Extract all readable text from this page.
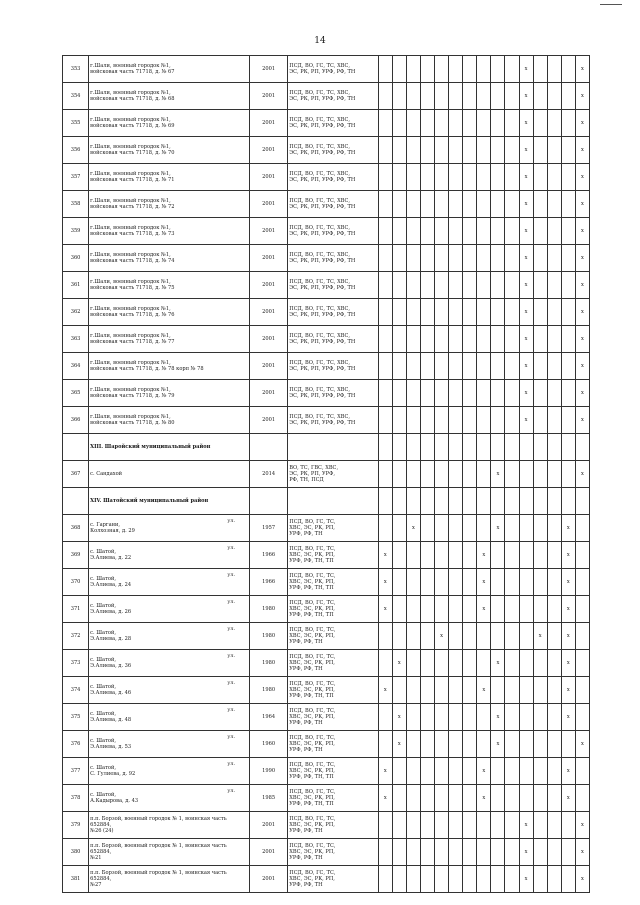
14
353	г.Шали, военный городок №1,
войсковая часть 71718, д. № 67	2001	ПСД, ВО, ГС, ТС, ХВС,
ЭС, РК, РП, УРФ, РФ, ТН											x				x
354	г.Шали, военный городок №1,
войсковая часть 71718, д. № 68	2001	ПСД, ВО, ГС, ТС, ХВС,
ЭС, РК, РП, УРФ, РФ, ТН											x				x
355	г.Шали, военный городок №1,
войсковая часть 71718, д. № 69	2001	ПСД, ВО, ГС, ТС, ХВС,
ЭС, РК, РП, УРФ, РФ, ТН											x				x
356	г.Шали, военный городок №1,
войсковая часть 71718, д. № 70	2001	ПСД, ВО, ГС, ТС, ХВС,
ЭС, РК, РП, УРФ, РФ, ТН											x				x
357	г.Шали, военный городок №1,
войсковая часть 71718, д. № 71	2001	ПСД, ВО, ГС, ТС, ХВС,
ЭС, РК, РП, УРФ, РФ, ТН											x				x
358	г.Шали, военный городок №1,
войсковая часть 71718, д. № 72	2001	ПСД, ВО, ГС, ТС, ХВС,
ЭС, РК, РП, УРФ, РФ, ТН											x				x
359	г.Шали, военный городок №1,
войсковая часть 71718, д. № 73	2001	ПСД, ВО, ГС, ТС, ХВС,
ЭС, РК, РП, УРФ, РФ, ТН											x				x
360	г.Шали, военный городок №1,
войсковая часть 71718, д. № 74	2001	ПСД, ВО, ГС, ТС, ХВС,
ЭС, РК, РП, УРФ, РФ, ТН											x				x
361	г.Шали, военный городок №1,
войсковая часть 71718, д. № 75	2001	ПСД, ВО, ГС, ТС, ХВС,
ЭС, РК, РП, УРФ, РФ, ТН											x				x
362	г.Шали, военный городок №1,
войсковая часть 71718, д. № 76	2001	ПСД, ВО, ГС, ТС, ХВС,
ЭС, РК, РП, УРФ, РФ, ТН											x				x
363	г.Шали, военный городок №1,
войсковая часть 71718, д. № 77	2001	ПСД, ВО, ГС, ТС, ХВС,
ЭС, РК, РП, УРФ, РФ, ТН											x				x
364	г.Шали, военный городок №1,
войсковая часть 71718, д. № 78 корп № 78	2001	ПСД, ВО, ГС, ТС, ХВС,
ЭС, РК, РП, УРФ, РФ, ТН											x				x
365	г.Шали, военный городок №1,
войсковая часть 71718, д. № 79	2001	ПСД, ВО, ГС, ТС, ХВС,
ЭС, РК, РП, УРФ, РФ, ТН											x				x
366	г.Шали, военный городок №1,
войсковая часть 71718, д. № 80	2001	ПСД, ВО, ГС, ТС, ХВС,
ЭС, РК, РП, УРФ, РФ, ТН											x				x
	XIII. Шаройский муниципальный район																	
367	с. Сандахой	2014	ВО, ТС, ГВС, ХВС,
ЭС, РК, РП, УРФ,
РФ, ТН, ПСД									x						x
	XIV. Шатойский муниципальный район																	
368	с. Гаргани,
Колхозная, д. 29
ул.	1957	ПСД, ВО, ГС, ТС,
ХВС, ЭС, РК, РП,
УРФ, РФ, ТН			x						x					x	
369	с. Шатой,
Э.Алиева, д. 22
ул.	1966	ПСД, ВО, ГС, ТС,
ХВС, ЭС, РК, РП,
УРФ, РФ, ТН, ТП	x							x						x	
370	с. Шатой,
Э.Алиева, д. 24
ул.	1966	ПСД, ВО, ГС, ТС,
ХВС, ЭС, РК, РП,
УРФ, РФ, ТН, ТП	x							x						x	
371	с. Шатой,
Э.Алиева, д. 26
ул.	1980	ПСД, ВО, ГС, ТС,
ХВС, ЭС, РК, РП,
УРФ, РФ, ТН, ТП	x							x						x	
372	с. Шатой,
Э.Алиева, д. 28
ул.	1980	ПСД, ВО, ГС, ТС,
ХВС, ЭС, РК, РП,
УРФ, РФ, ТН					x							x		x	
373	с. Шатой,
Э.Алиева, д. 36
ул.	1980	ПСД, ВО, ГС, ТС,
ХВС, ЭС, РК, РП,
УРФ, РФ, ТН		x							x					x	
374	с. Шатой,
Э.Алиева, д. 46
ул.	1980	ПСД, ВО, ГС, ТС,
ХВС, ЭС, РК, РП,
УРФ, РФ, ТН, ТП	x							x						x	
375	с. Шатой,
Э.Алиева, д. 48
ул.	1964	ПСД, ВО, ГС, ТС,
ХВС, ЭС, РК, РП,
УРФ, РФ, ТН		x							x					x	
376	с. Шатой,
Э.Алиева, д. 53
ул.	1960	ПСД, ВО, ГС, ТС,
ХВС, ЭС, РК, РП,
УРФ, РФ, ТН		x							x						x
377	с. Шатой,
С. Гулиева, д. 92
ул.	1990	ПСД, ВО, ГС, ТС,
ХВС, ЭС, РК, РП,
УРФ, РФ, ТН, ТП	x							x						x	
378	с. Шатой,
А.Кадырова, д. 43
ул.	1985	ПСД, ВО, ГС, ТС,
ХВС, ЭС, РК, РП,
УРФ, РФ, ТН, ТП	x							x						x	
379	п.п. Борзой, военный городок № 1, воинская часть 652884,
№26 (24)	2001	ПСД, ВО, ГС, ТС,
ХВС, ЭС, РК, РП,
УРФ, РФ, ТН											x				x
380	п.п. Борзой, военный городок № 1, воинская часть 652884,
№21	2001	ПСД, ВО, ГС, ТС,
ХВС, ЭС, РК, РП,
УРФ, РФ, ТН											x				x
381	п.п. Борзой, военный городок № 1, воинская часть 652884,
№27	2001	ПСД, ВО, ГС, ТС,
ХВС, ЭС, РК, РП,
УРФ, РФ, ТН											x				x
